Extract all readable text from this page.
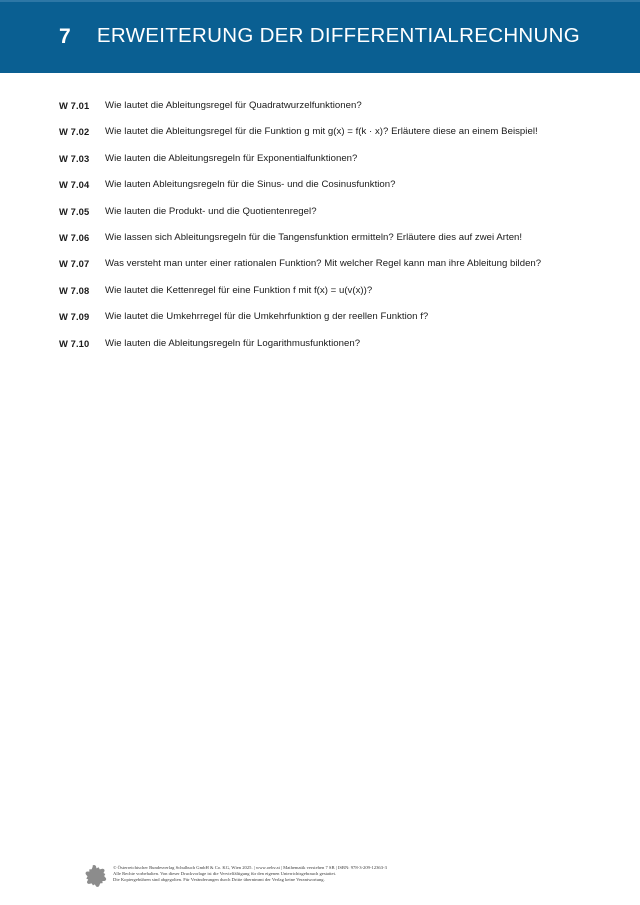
7 ERWEITERUNG DER DIFFERENTIALRECHNUNG
W 7.01	Wie lautet die Ableitungsregel für Quadratwurzelfunktionen?
W 7.02	Wie lautet die Ableitungsregel für die Funktion g mit g(x) = f(k · x)? Erläutere diese an einem Beispiel!
W 7.03	Wie lauten die Ableitungsregeln für Exponentialfunktionen?
W 7.04	Wie lauten Ableitungsregeln für die Sinus- und die Cosinusfunktion?
W 7.05	Wie lauten die Produkt- und die Quotientenregel?
W 7.06	Wie lassen sich Ableitungsregeln für die Tangensfunktion ermitteln? Erläutere dies auf zwei Arten!
W 7.07	Was versteht man unter einer rationalen Funktion? Mit welcher Regel kann man ihre Ableitung bilden?
W 7.08	Wie lautet die Kettenregel für eine Funktion f mit f(x) = u(v(x))?
W 7.09	Wie lautet die Umkehrregel für die Umkehrfunktion g der reellen Funktion f?
W 7.10	Wie lauten die Ableitungsregeln für Logarithmusfunktionen?
© Österreichischer Bundesverlag Schulbuch GmbH & Co. KG, Wien 2025. | www.oebv.at | Mathematik verstehen 7 SB | ISBN: 978-3-209-12363-3
Alle Rechte vorbehalten. Von dieser Druckvorlage ist die Vervielfältigung für den eigenen Unterrichtsgebrauch gestattet.
Die Kopiergebühren sind abgegolten. Für Veränderungen durch Dritte übernimmt der Verlag keine Verantwortung.
